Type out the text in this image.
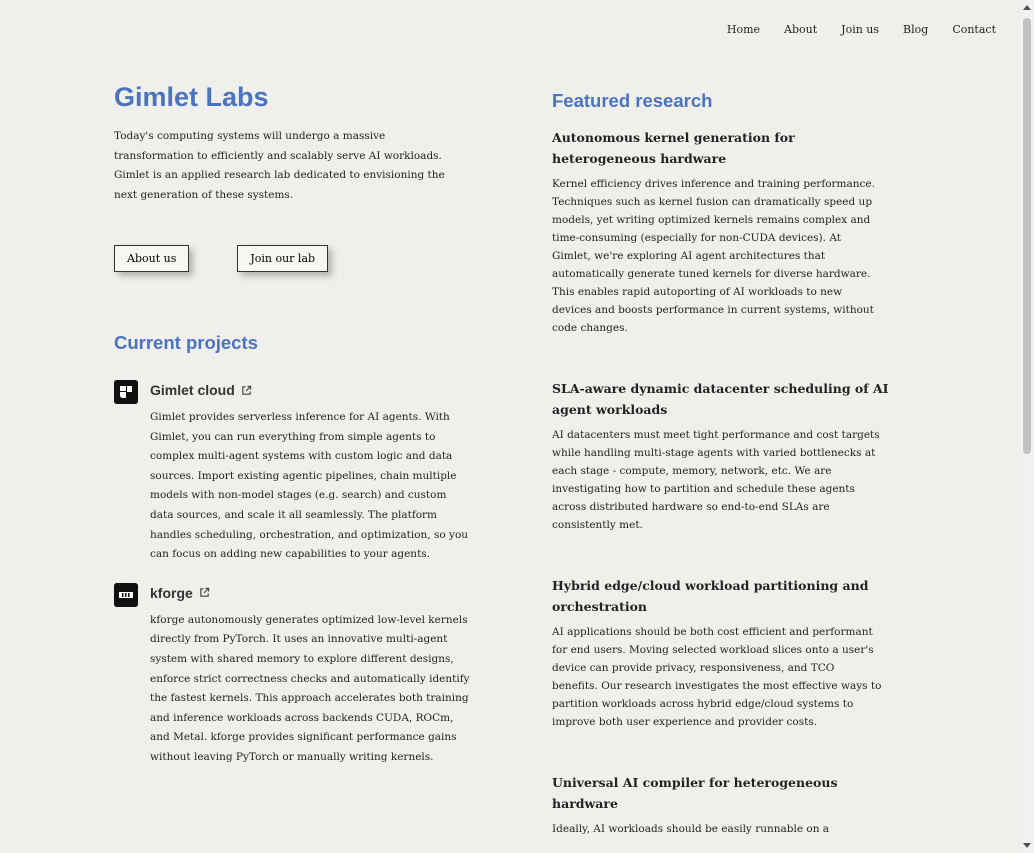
Home About Join us Blog Contact
Gimlet Labs

Today's computing systems will undergo a massive transformation to efficiently and scalably serve AI workloads. Gimlet is an applied research lab dedicated to envisioning the next generation of these systems.

About us	Join our lab
Current projects
Gimlet cloud

Gimlet provides serverless inference for AI agents. With Gimlet, you can run everything from simple agents to complex multi-agent systems with custom logic and data sources. Import existing agentic pipelines, chain multiple models with non-model stages (e.g. search) and custom data sources, and scale it all seamlessly. The platform handles scheduling, orchestration, and optimization, so you can focus on adding new capabilities to your agents.

kforge

kforge autonomously generates optimized low-level kernels directly from PyTorch. It uses an innovative multi-agent system with shared memory to explore different designs, enforce strict correctness checks and automatically identify the fastest kernels. This approach accelerates both training and inference workloads across backends CUDA, ROCm, and Metal. kforge provides significant performance gains without leaving PyTorch or manually writing kernels.

Featured research
Autonomous kernel generation for heterogeneous hardware

Kernel efficiency drives inference and training performance. Techniques such as kernel fusion can dramatically speed up models, yet writing optimized kernels remains complex and time-consuming (especially for non-CUDA devices). At Gimlet, we're exploring AI agent architectures that automatically generate tuned kernels for diverse hardware. This enables rapid autoporting of AI workloads to new devices and boosts performance in current systems, without code changes.

SLA-aware dynamic datacenter scheduling of AI agent workloads

AI datacenters must meet tight performance and cost targets while handling multi-stage agents with varied bottlenecks at each stage - compute, memory, network, etc. We are investigating how to partition and schedule these agents across distributed hardware so end-to-end SLAs are consistently met.

Hybrid edge/cloud workload partitioning and orchestration

AI applications should be both cost efficient and performant for end users. Moving selected workload slices onto a user's device can provide privacy, responsiveness, and TCO benefits. Our research investigates the most effective ways to partition workloads across hybrid edge/cloud systems to improve both user experience and provider costs.

Universal AI compiler for heterogeneous hardware

Ideally, AI workloads should be easily runnable on a
